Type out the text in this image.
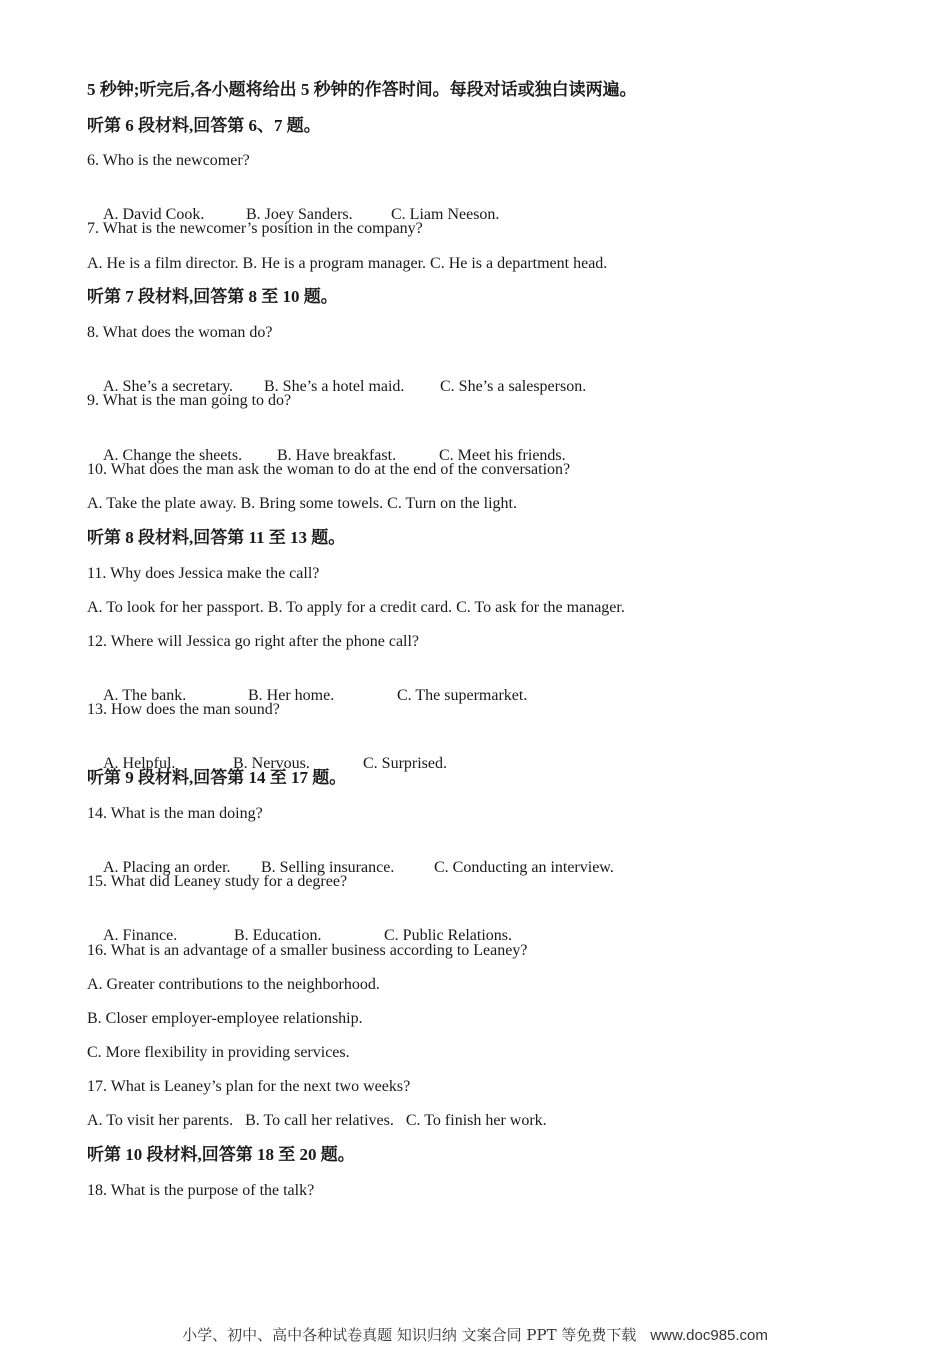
5 秒钟;听完后,各小题将给出 5 秒钟的作答时间。每段对话或独白读两遍。
听第 6 段材料,回答第 6、7 题。
6. Who is the newcomer?

A. David Cook.	B. Joey Sanders. C. Liam Neeson.

7. What is the newcomer’s position in the company?
A. He is a film director. B. He is a program manager. C. He is a department head.
听第 7 段材料,回答第 8 至 10 题。
8. What does the woman do?

A. She’s a secretary. B. She’s a hotel maid. C. She’s a salesperson.

9. What is the man going to do?

A. Change the sheets. B. Have breakfast.	C. Meet his friends.

10. What does the man ask the woman to do at the end of the conversation?
A. Take the plate away. B. Bring some towels. C. Turn on the light.
听第 8 段材料,回答第 11 至 13 题。
11. Why does Jessica make the call?
A. To look for her passport. B. To apply for a credit card. C. To ask for the manager.
12. Where will Jessica go right after the phone call?

A. The bank.	B. Her home.	C. The supermarket.

13. How does the man sound?

A. Helpful.	B. Nervous.	C. Surprised.

听第 9 段材料,回答第 14 至 17 题。
14. What is the man doing?

A. Placing an order. B. Selling insurance. C. Conducting an interview.

15. What did Leaney study for a degree?

A. Finance.	B. Education.	C. Public Relations.

16. What is an advantage of a smaller business according to Leaney?
A. Greater contributions to the neighborhood.
B. Closer employer-employee relationship.
C. More flexibility in providing services.
17. What is Leaney’s plan for the next two weeks?
A. To visit her parents.   B. To call her relatives.   C. To finish her work.
听第 10 段材料,回答第 18 至 20 题。
18. What is the purpose of the talk?
小学、初中、高中各种试卷真题 知识归纳 文案合同 PPT 等免费下载 www.doc985.com
